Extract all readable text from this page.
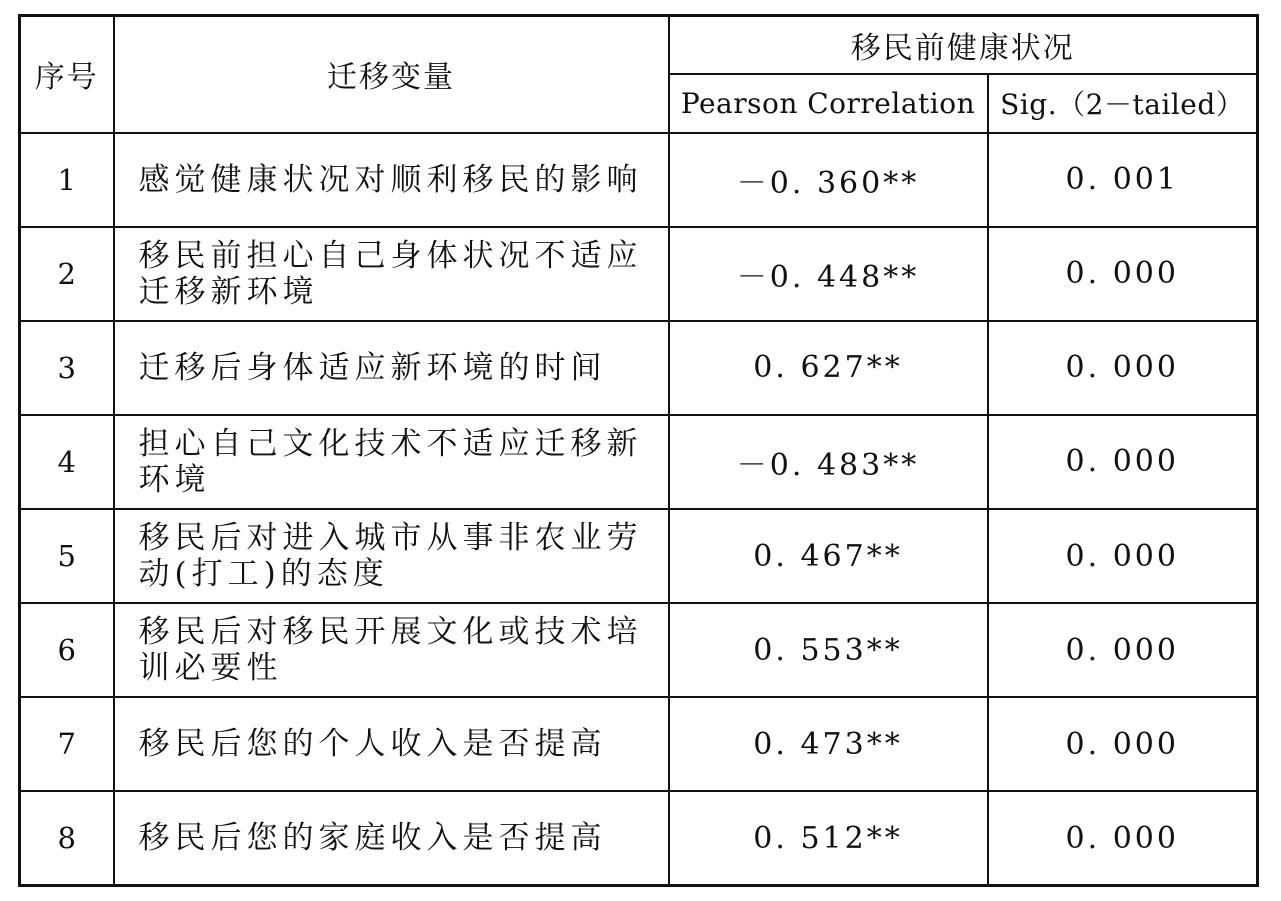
序号	迁移变量	移民前健康状况	
		Pearson Correlation	Sig.（2－tailed）
1	感觉健康状况对顺利移民的影响	－0. 360**	0. 001
2	移民前担心自己身体状况不适应迁移新环境	－0. 448**	0. 000
3	迁移后身体适应新环境的时间	0. 627**	0. 000
4	担心自己文化技术不适应迁移新环境	－0. 483**	0. 000
5	移民后对进入城市从事非农业劳动(打工)的态度	0. 467**	0. 000
6	移民后对移民开展文化或技术培训必要性	0. 553**	0. 000
7	移民后您的个人收入是否提高	0. 473**	0. 000
8	移民后您的家庭收入是否提高	0. 512**	0. 000
